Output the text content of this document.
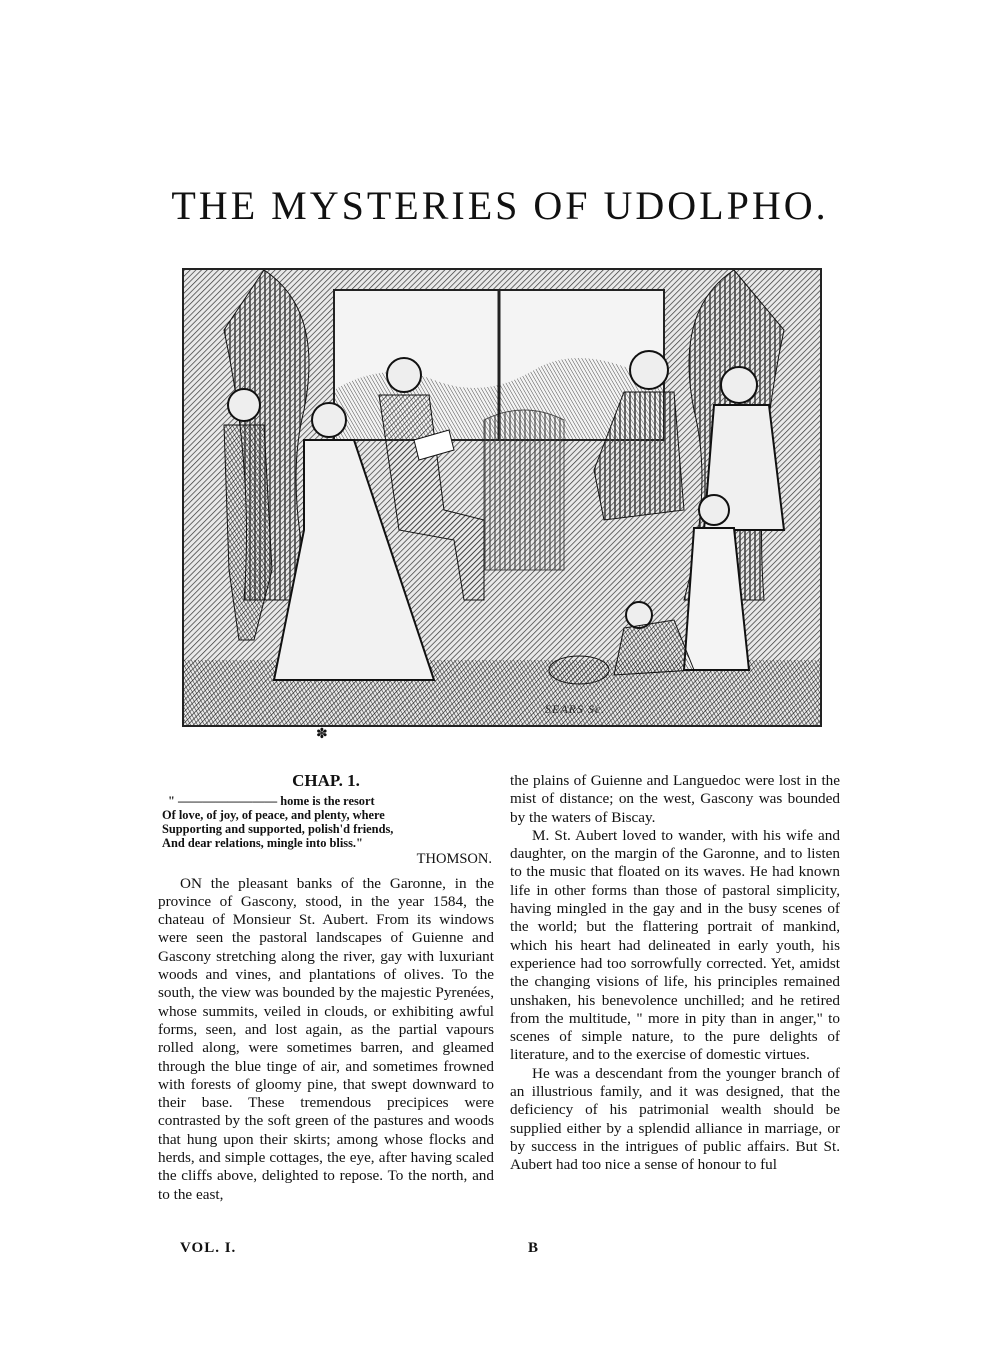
THE MYSTERIES OF UDOLPHO.
SEARS Sc.
✽
CHAP. 1.
" ———————— home is the resort
Of love, of joy, of peace, and plenty, where
Supporting and supported, polish'd friends,
And dear relations, mingle into bliss."
THOMSON.

ON the pleasant banks of the Garonne, in the province of Gascony, stood, in the year 1584, the chateau of Monsieur St. Aubert. From its windows were seen the pastoral landscapes of Guienne and Gascony stretching along the river, gay with luxuriant woods and vines, and plantations of olives. To the south, the view was bounded by the majestic Pyrenées, whose summits, veiled in clouds, or exhibiting awful forms, seen, and lost again, as the partial vapours rolled along, were sometimes barren, and gleamed through the blue tinge of air, and sometimes frowned with forests of gloomy pine, that swept downward to their base. These tremendous precipices were contrasted by the soft green of the pastures and woods that hung upon their skirts; among whose flocks and herds, and simple cottages, the eye, after having scaled the cliffs above, delighted to repose. To the north, and to the east,

the plains of Guienne and Languedoc were lost in the mist of distance; on the west, Gascony was bounded by the waters of Biscay.

M. St. Aubert loved to wander, with his wife and daughter, on the margin of the Garonne, and to listen to the music that floated on its waves. He had known life in other forms than those of pastoral simplicity, having mingled in the gay and in the busy scenes of the world; but the flattering portrait of mankind, which his heart had delineated in early youth, his experience had too sorrowfully corrected. Yet, amidst the changing visions of life, his principles remained unshaken, his benevolence unchilled; and he retired from the multitude, " more in pity than in anger," to scenes of simple nature, to the pure delights of literature, and to the exercise of domestic virtues.

He was a descendant from the younger branch of an illustrious family, and it was designed, that the deficiency of his patrimonial wealth should be supplied either by a splendid alliance in marriage, or by success in the intrigues of public affairs. But St. Aubert had too nice a sense of honour to ful

VOL. I.	B
